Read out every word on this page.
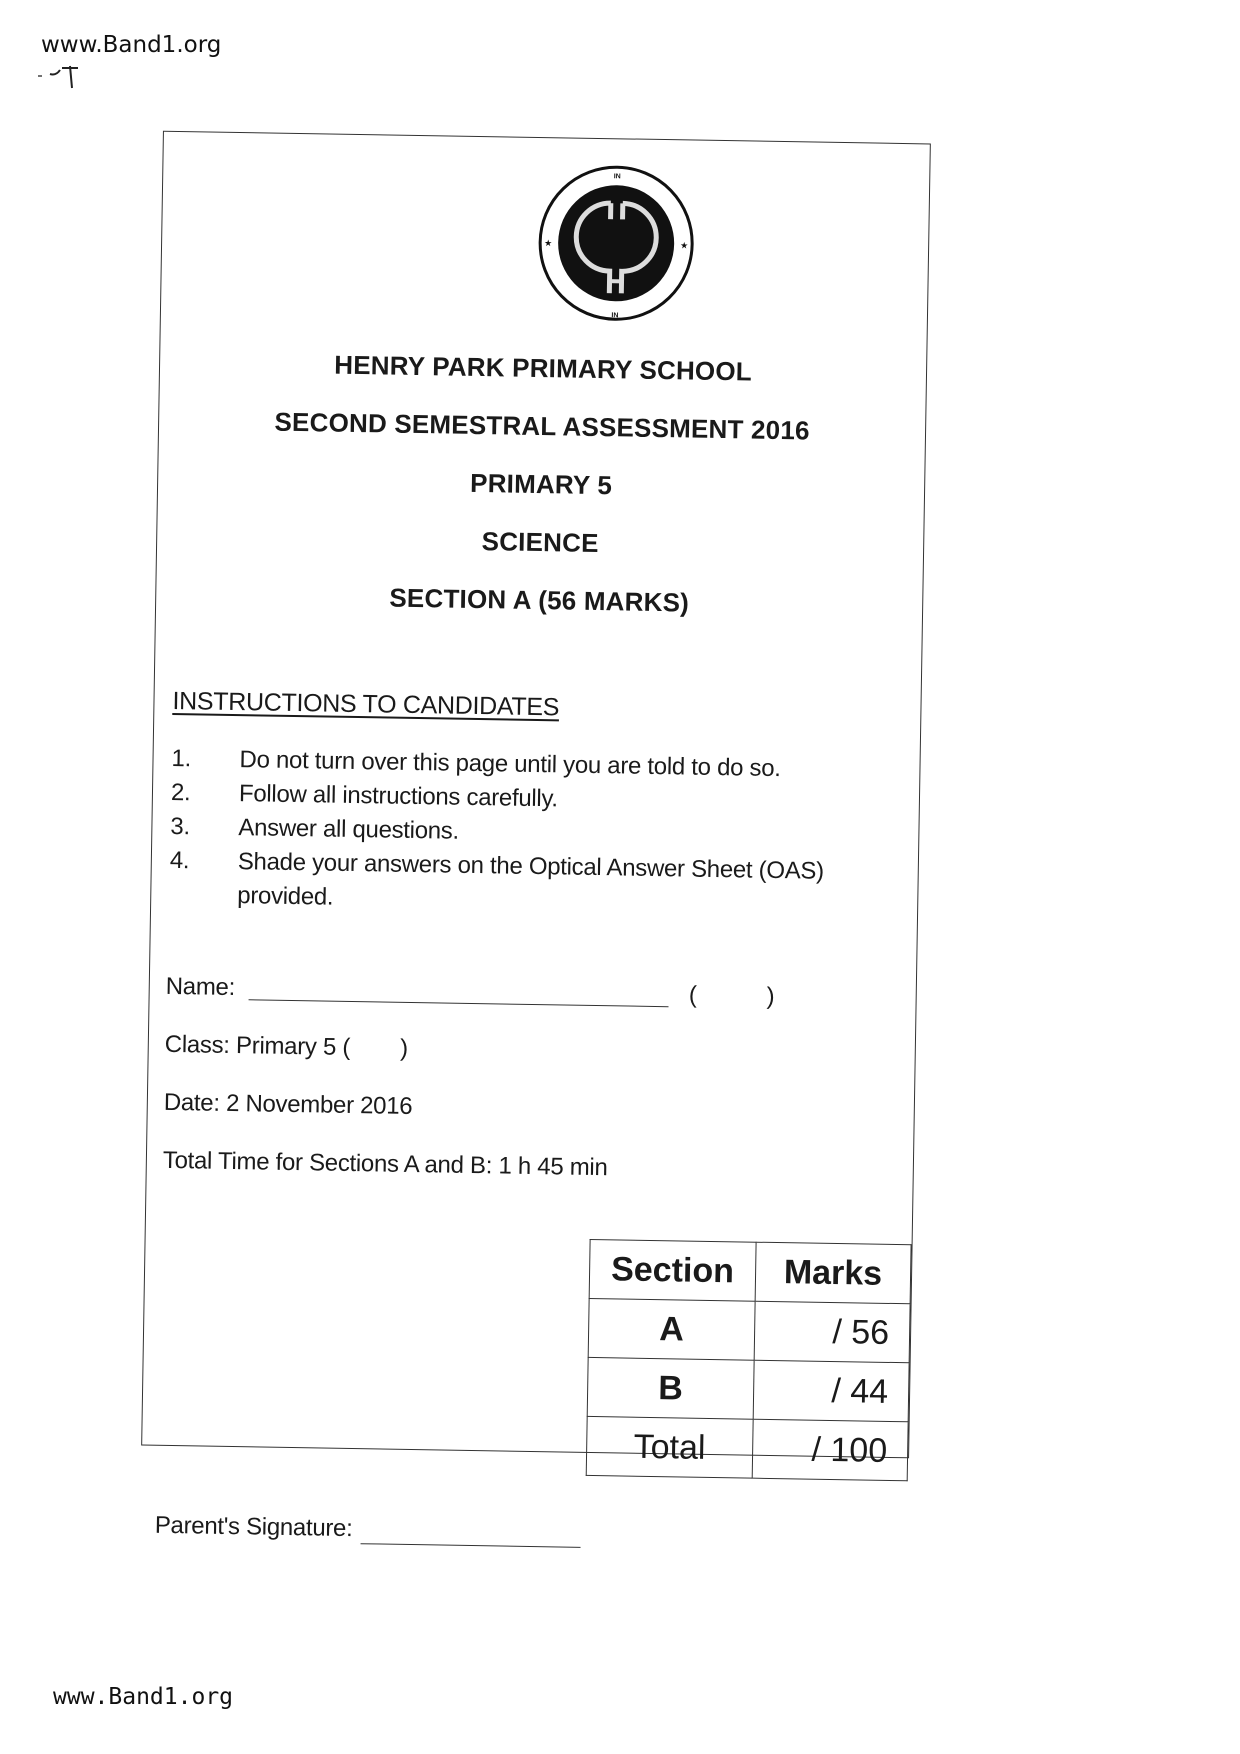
www.Band1.org
IN
IN
★	★
HENRY PARK PRIMARY SCHOOL
SECOND SEMESTRAL ASSESSMENT 2016
PRIMARY 5
SCIENCE
SECTION A (56 MARKS)
INSTRUCTIONS TO CANDIDATES
1.	Do not turn over this page until you are told to do so.
2.	Follow all instructions carefully.
3.	Answer all questions.
4.	Shade your answers on the Optical Answer Sheet (OAS) provided.
Name:	(	)
Class: Primary 5 ( )
Date: 2 November 2016
Total Time for Sections A and B: 1 h 45 min
Section	Marks
A	/ 56
B	/ 44
Total	/ 100
Parent's Signature:
www.Band1.org
